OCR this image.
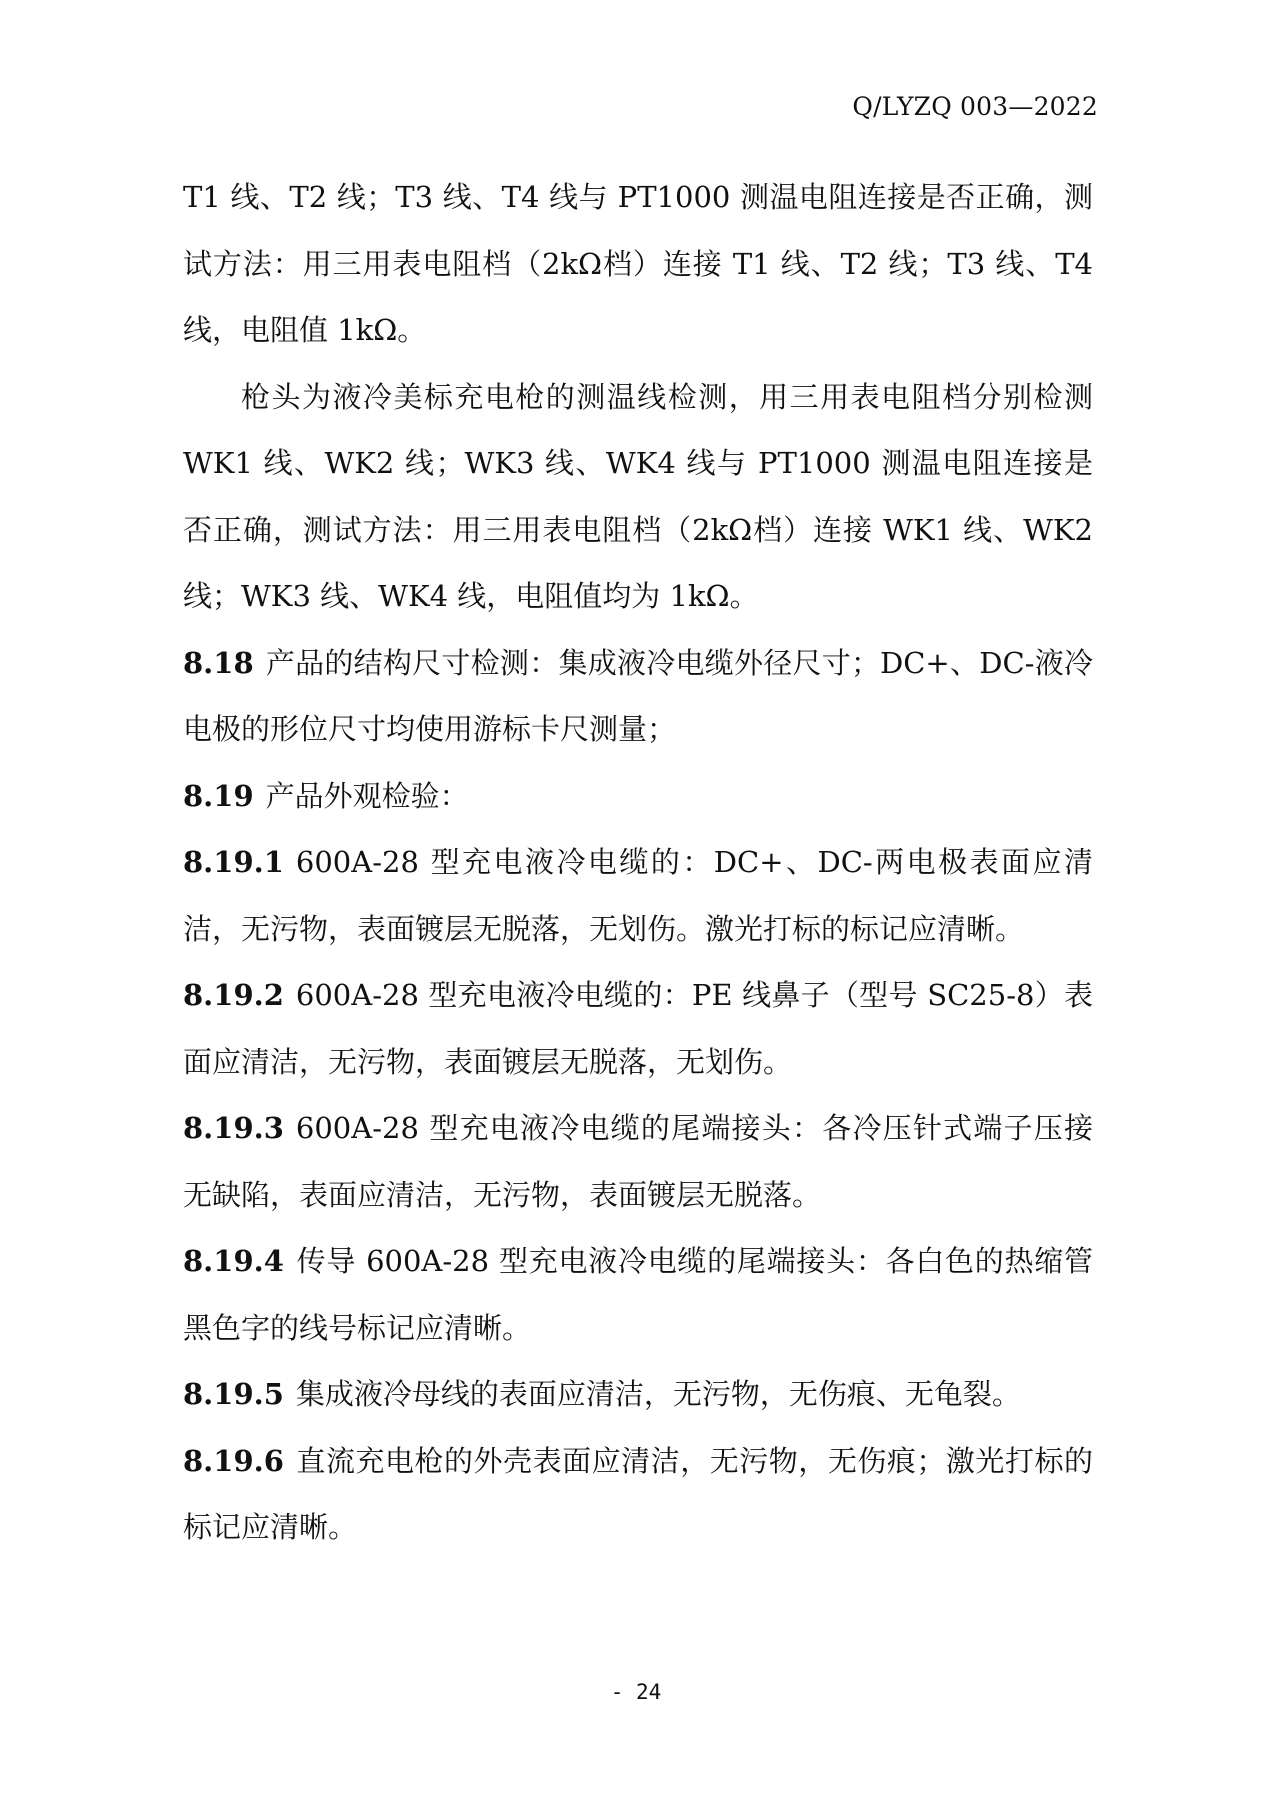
Q/LYZQ 003—2022

T1 线、T2 线；T3 线、T4 线与 PT1000 测温电阻连接是否正确，测试方法：用三用表电阻档（2kΩ档）连接 T1 线、T2 线；T3 线、T4 线，电阻值 1kΩ。

枪头为液冷美标充电枪的测温线检测，用三用表电阻档分别检测 WK1 线、WK2 线；WK3 线、WK4 线与 PT1000 测温电阻连接是否正确，测试方法：用三用表电阻档（2kΩ档）连接 WK1 线、WK2 线；WK3 线、WK4 线，电阻值均为 1kΩ。

8.18 产品的结构尺寸检测：集成液冷电缆外径尺寸；DC+、DC-液冷电极的形位尺寸均使用游标卡尺测量；

8.19 产品外观检验：

8.19.1 600A-28 型充电液冷电缆的：DC+、DC-两电极表面应清洁，无污物，表面镀层无脱落，无划伤。激光打标的标记应清晰。

8.19.2 600A-28 型充电液冷电缆的：PE 线鼻子（型号 SC25-8）表面应清洁，无污物，表面镀层无脱落，无划伤。

8.19.3 600A-28 型充电液冷电缆的尾端接头：各冷压针式端子压接无缺陷，表面应清洁，无污物，表面镀层无脱落。

8.19.4 传导 600A-28 型充电液冷电缆的尾端接头：各白色的热缩管黑色字的线号标记应清晰。

8.19.5 集成液冷母线的表面应清洁，无污物，无伤痕、无龟裂。

8.19.6 直流充电枪的外壳表面应清洁，无污物，无伤痕；激光打标的标记应清晰。

- 24
